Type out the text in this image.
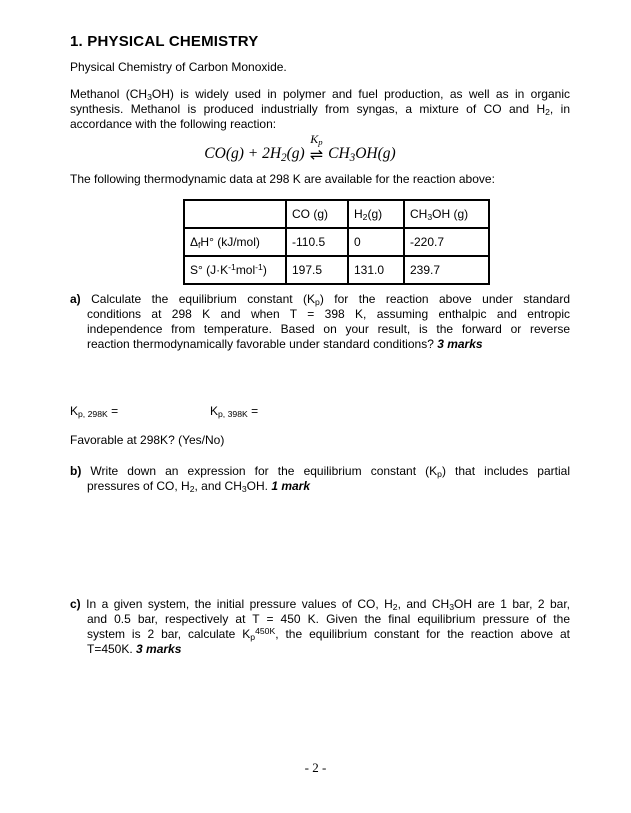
1. PHYSICAL CHEMISTRY
Physical Chemistry of Carbon Monoxide.
Methanol $(CH_3OH)$ is widely used in polymer and fuel production, as well as in organic
synthesis. Methanol is produced industrially from syngas, a mixture of CO and $H_2$, in
accordance with the following reaction:
$CO(g) + 2H_2(g)$
$K_p$
⇌ $CH_3OH(g)$
The following thermodynamic data at 298 K are available for the reaction above:
	CO (g)	$H_2(g)$	$CH_3OH$ (g)
$\Delta_fH^\circ$ (kJ/mol)	-110.5	0	-220.7
S° $(J\cdot K^{-1}mol^{-1})$	197.5	131.0	239.7
a) Calculate the equilibrium constant $(K_p)$ for the reaction above under standard
conditions at 298 K and when T = 398 K, assuming enthalpic and entropic
independence from temperature. Based on your result, is the forward or reverse
reaction thermodynamically favorable under standard conditions? 3 marks
$K_{p, 298K}$ =	$K_{p, 398K}$ =
Favorable at 298K? (Yes/No)
b) Write down an expression for the equilibrium constant $(K_p)$ that includes partial
pressures of CO, $H_2$, and $CH_3OH$. 1 mark
c) In a given system, the initial pressure values of CO, $H_2$, and $CH_3OH$ are 1 bar, 2 bar,
and 0.5 bar, respectively at T = 450 K. Given the final equilibrium pressure of the
system is 2 bar, calculate $K_p^{450K}$, the equilibrium constant for the reaction above at
T=450K. 3 marks
- 2 -
